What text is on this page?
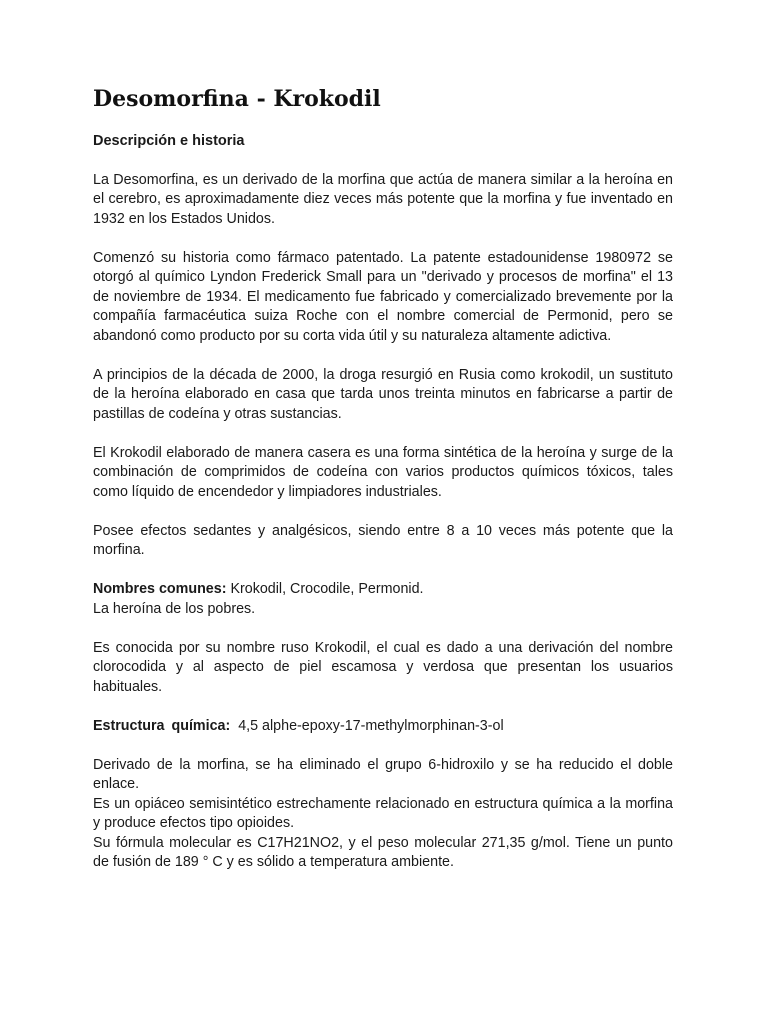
Desomorfina - Krokodil
Descripción e historia

La Desomorfina, es un derivado de la morfina que actúa de manera similar a la heroína en el cerebro, es aproximadamente diez veces más potente que la morfina y fue inventado en 1932 en los Estados Unidos.

Comenzó su historia como fármaco patentado. La patente estadounidense 1980972 se otorgó al químico Lyndon Frederick Small para un "derivado y procesos de morfina" el 13 de noviembre de 1934. El medicamento fue fabricado y comercializado brevemente por la compañía farmacéutica suiza Roche con el nombre comercial de Permonid, pero se abandonó como producto por su corta vida útil y su naturaleza altamente adictiva.

A principios de la década de 2000, la droga resurgió en Rusia como krokodil, un sustituto de la heroína elaborado en casa que tarda unos treinta minutos en fabricarse a partir de pastillas de codeína y otras sustancias.

El Krokodil elaborado de manera casera es una forma sintética de la heroína y surge de la combinación de comprimidos de codeína con varios productos químicos tóxicos, tales como líquido de encendedor y limpiadores industriales.

Posee efectos sedantes y analgésicos, siendo entre 8 a 10 veces más potente que la morfina.

Nombres comunes: Krokodil, Crocodile, Permonid.

La heroína de los pobres.

Es conocida por su nombre ruso Krokodil, el cual es dado a una derivación del nombre clorocodida y al aspecto de piel escamosa y verdosa que presentan los usuarios habituales.

Estructura química:  4,5 alphe-epoxy-17-methylmorphinan-3-ol

Derivado de la morfina, se ha eliminado el grupo 6-hidroxilo y se ha reducido el doble enlace.

Es un opiáceo semisintético estrechamente relacionado en estructura química a la morfina y produce efectos tipo opioides.

Su fórmula molecular es C17H21NO2, y el peso molecular 271,35 g/mol. Tiene un punto de fusión de 189 ° C y es sólido a temperatura ambiente.
